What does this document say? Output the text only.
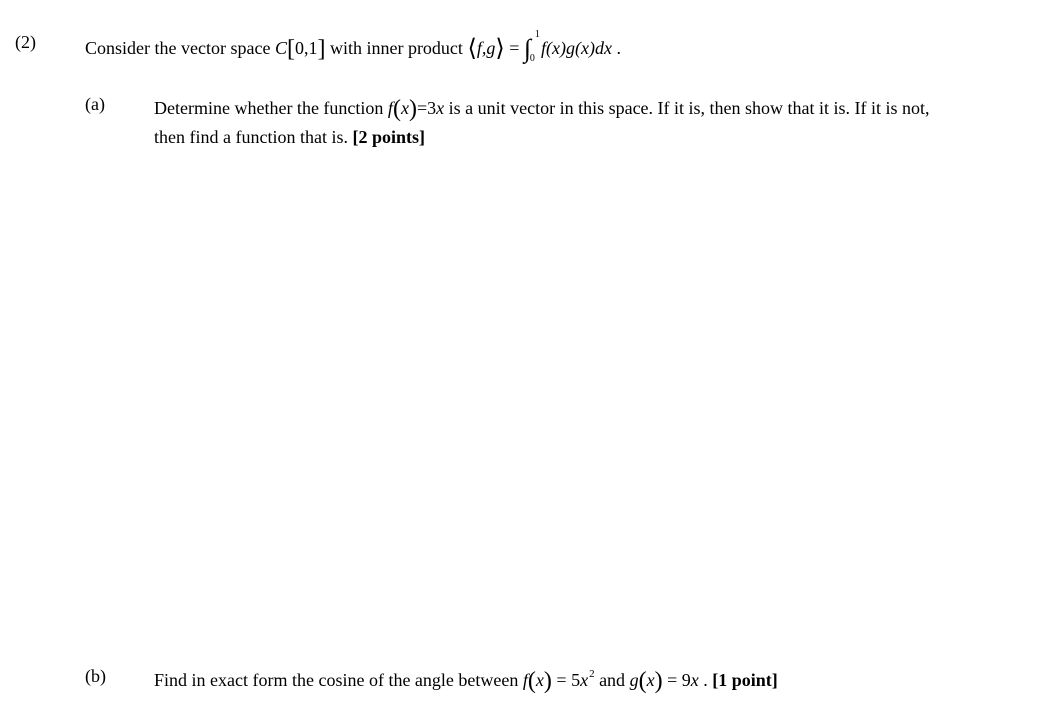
(2)	Consider the vector space C[0,1] with inner product ⟨f,g⟩ = ∫ 1
0
f(x)g(x)dx .
(a)	Determine whether the function f(x)=3x is a unit vector in this space. If it is, then show that it is. If it is not,
then find a function that is. [2 points]
(b)	Find in exact form the cosine of the angle between $f(x) = 5x^2$ and g(x) = 9x . [1 point]
